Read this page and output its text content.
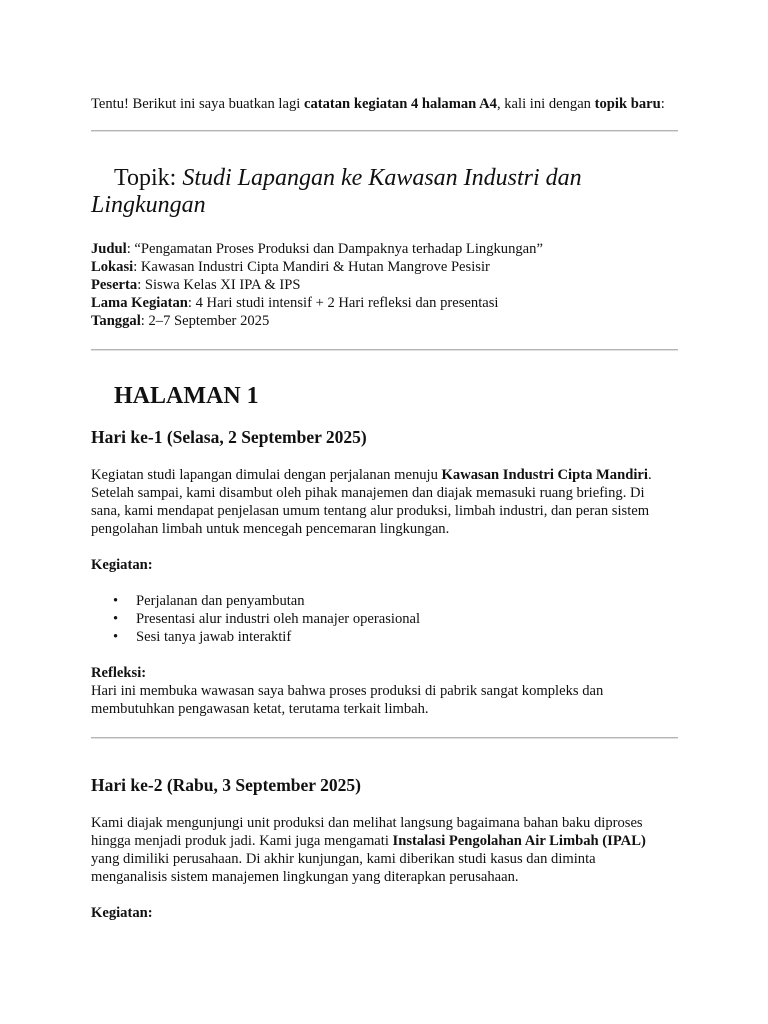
Tentu! Berikut ini saya buatkan lagi catatan kegiatan 4 halaman A4, kali ini dengan topik baru:

Topik: Studi Lapangan ke Kawasan Industri dan Lingkungan
Judul: “Pengamatan Proses Produksi dan Dampaknya terhadap Lingkungan”
Lokasi: Kawasan Industri Cipta Mandiri & Hutan Mangrove Pesisir
Peserta: Siswa Kelas XI IPA & IPS
Lama Kegiatan: 4 Hari studi intensif + 2 Hari refleksi dan presentasi
Tanggal: 2–7 September 2025
HALAMAN 1
Hari ke-1 (Selasa, 2 September 2025)

Kegiatan studi lapangan dimulai dengan perjalanan menuju Kawasan Industri Cipta Mandiri.
Setelah sampai, kami disambut oleh pihak manajemen dan diajak memasuki ruang briefing. Di
sana, kami mendapat penjelasan umum tentang alur produksi, limbah industri, dan peran sistem
pengolahan limbah untuk mencegah pencemaran lingkungan.

Kegiatan:

• Perjalanan dan penyambutan
• Presentasi alur industri oleh manajer operasional
• Sesi tanya jawab interaktif

Refleksi:
Hari ini membuka wawasan saya bahwa proses produksi di pabrik sangat kompleks dan
membutuhkan pengawasan ketat, terutama terkait limbah.

Hari ke-2 (Rabu, 3 September 2025)

Kami diajak mengunjungi unit produksi dan melihat langsung bagaimana bahan baku diproses
hingga menjadi produk jadi. Kami juga mengamati Instalasi Pengolahan Air Limbah (IPAL)
yang dimiliki perusahaan. Di akhir kunjungan, kami diberikan studi kasus dan diminta
menganalisis sistem manajemen lingkungan yang diterapkan perusahaan.

Kegiatan:
